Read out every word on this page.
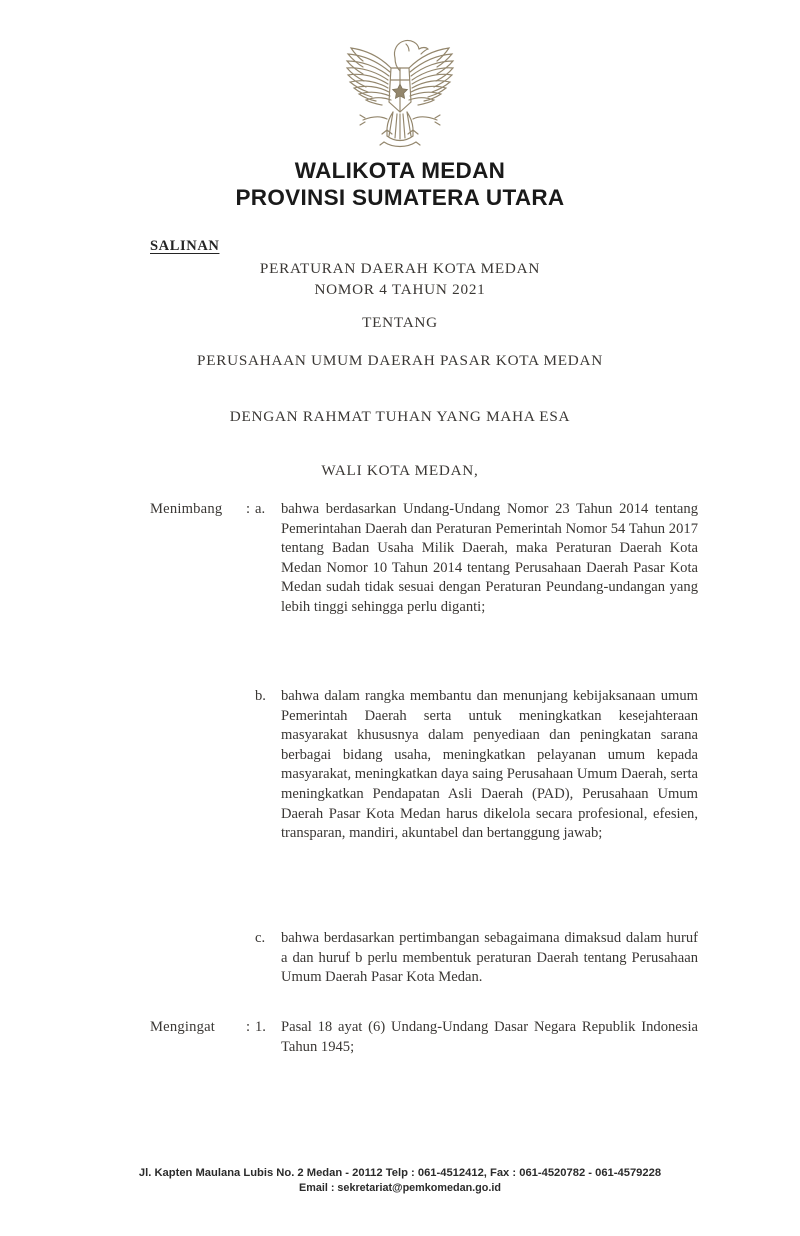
WALIKOTA MEDAN
PROVINSI SUMATERA UTARA
SALINAN
PERATURAN DAERAH KOTA MEDAN
NOMOR 4 TAHUN 2021
TENTANG
PERUSAHAAN UMUM DAERAH PASAR KOTA MEDAN
DENGAN RAHMAT TUHAN YANG MAHA ESA
WALI KOTA MEDAN,
Menimbang	: a.	bahwa berdasarkan Undang-Undang Nomor 23 Tahun 2014 tentang Pemerintahan Daerah dan Peraturan Pemerintah Nomor 54 Tahun 2017 tentang Badan Usaha Milik Daerah, maka Peraturan Daerah Kota Medan Nomor 10 Tahun 2014 tentang Perusahaan Daerah Pasar Kota Medan sudah tidak sesuai dengan Peraturan Peundang-undangan yang lebih tinggi sehingga perlu diganti;
b.	bahwa dalam rangka membantu dan menunjang kebijaksanaan umum Pemerintah Daerah serta untuk meningkatkan kesejahteraan masyarakat khususnya dalam penyediaan dan peningkatan sarana berbagai bidang usaha, meningkatkan pelayanan umum kepada masyarakat, meningkatkan daya saing Perusahaan Umum Daerah, serta meningkatkan Pendapatan Asli Daerah (PAD), Perusahaan Umum Daerah Pasar Kota Medan harus dikelola secara profesional, efesien, transparan, mandiri, akuntabel dan bertanggung jawab;
c.	bahwa berdasarkan pertimbangan sebagaimana dimaksud dalam huruf a dan huruf b perlu membentuk peraturan Daerah tentang Perusahaan Umum Daerah Pasar Kota Medan.
Mengingat	: 1.	Pasal 18 ayat (6) Undang-Undang Dasar Negara Republik Indonesia Tahun 1945;
Jl. Kapten Maulana Lubis No. 2 Medan - 20112 Telp : 061-4512412, Fax : 061-4520782 - 061-4579228
Email : sekretariat@pemkomedan.go.id
